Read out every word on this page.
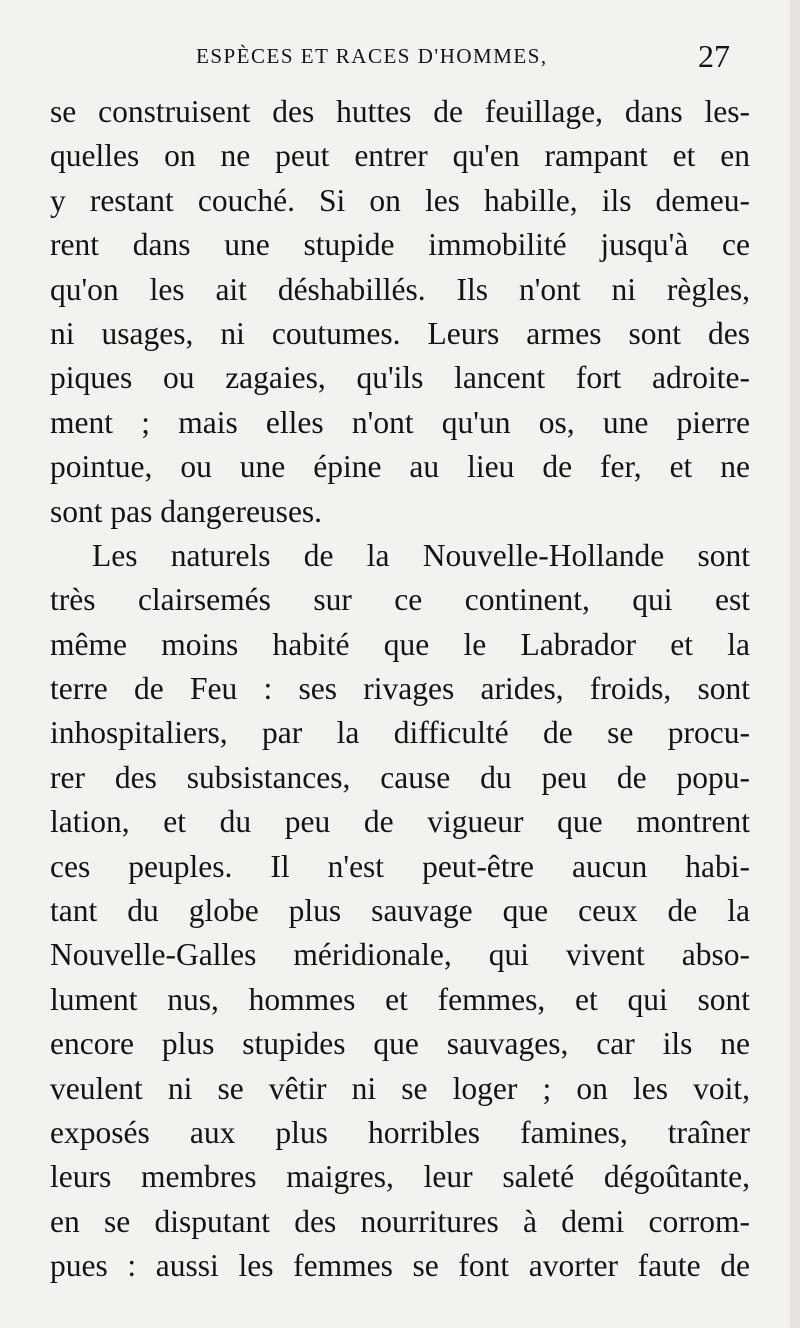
ESPÈCES ET RACES D'HOMMES,	27
se construisent des huttes de feuillage, dans les-
quelles on ne peut entrer qu'en rampant et en
y restant couché. Si on les habille, ils demeu-
rent dans une stupide immobilité jusqu'à ce
qu'on les ait déshabillés. Ils n'ont ni règles,
ni usages, ni coutumes. Leurs armes sont des
piques ou zagaies, qu'ils lancent fort adroite-
ment ; mais elles n'ont qu'un os, une pierre
pointue, ou une épine au lieu de fer, et ne
sont pas dangereuses.
Les naturels de la Nouvelle-Hollande sont
très clairsemés sur ce continent, qui est
même moins habité que le Labrador et la
terre de Feu : ses rivages arides, froids, sont
inhospitaliers, par la difficulté de se procu-
rer des subsistances, cause du peu de popu-
lation, et du peu de vigueur que montrent
ces peuples. Il n'est peut-être aucun habi-
tant du globe plus sauvage que ceux de la
Nouvelle-Galles méridionale, qui vivent abso-
lument nus, hommes et femmes, et qui sont
encore plus stupides que sauvages, car ils ne
veulent ni se vêtir ni se loger ; on les voit,
exposés aux plus horribles famines, traîner
leurs membres maigres, leur saleté dégoûtante,
en se disputant des nourritures à demi corrom-
pues : aussi les femmes se font avorter faute de
